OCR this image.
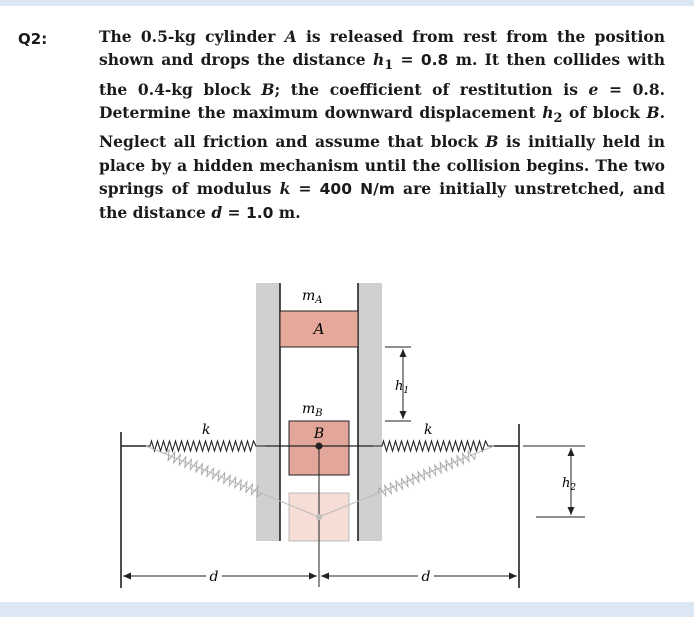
Q2:	The 0.5-kg cylinder A is released from rest from the position shown and drops the distance $h_1 = 0.8$ m. It then collides with the 0.4-kg block B; the coefficient of restitution is e = 0.8. Determine the maximum downward displacement $h_2$ of block B. Neglect all friction and assume that block B is initially held in place by a hidden mechanism until the collision begins. The two springs of modulus k = 400 N/m are initially unstretched, and the distance d = 1.0 m.
$m_A$
A
$h_1$
$m_B$
B
k	k
$h_2$
d	d
